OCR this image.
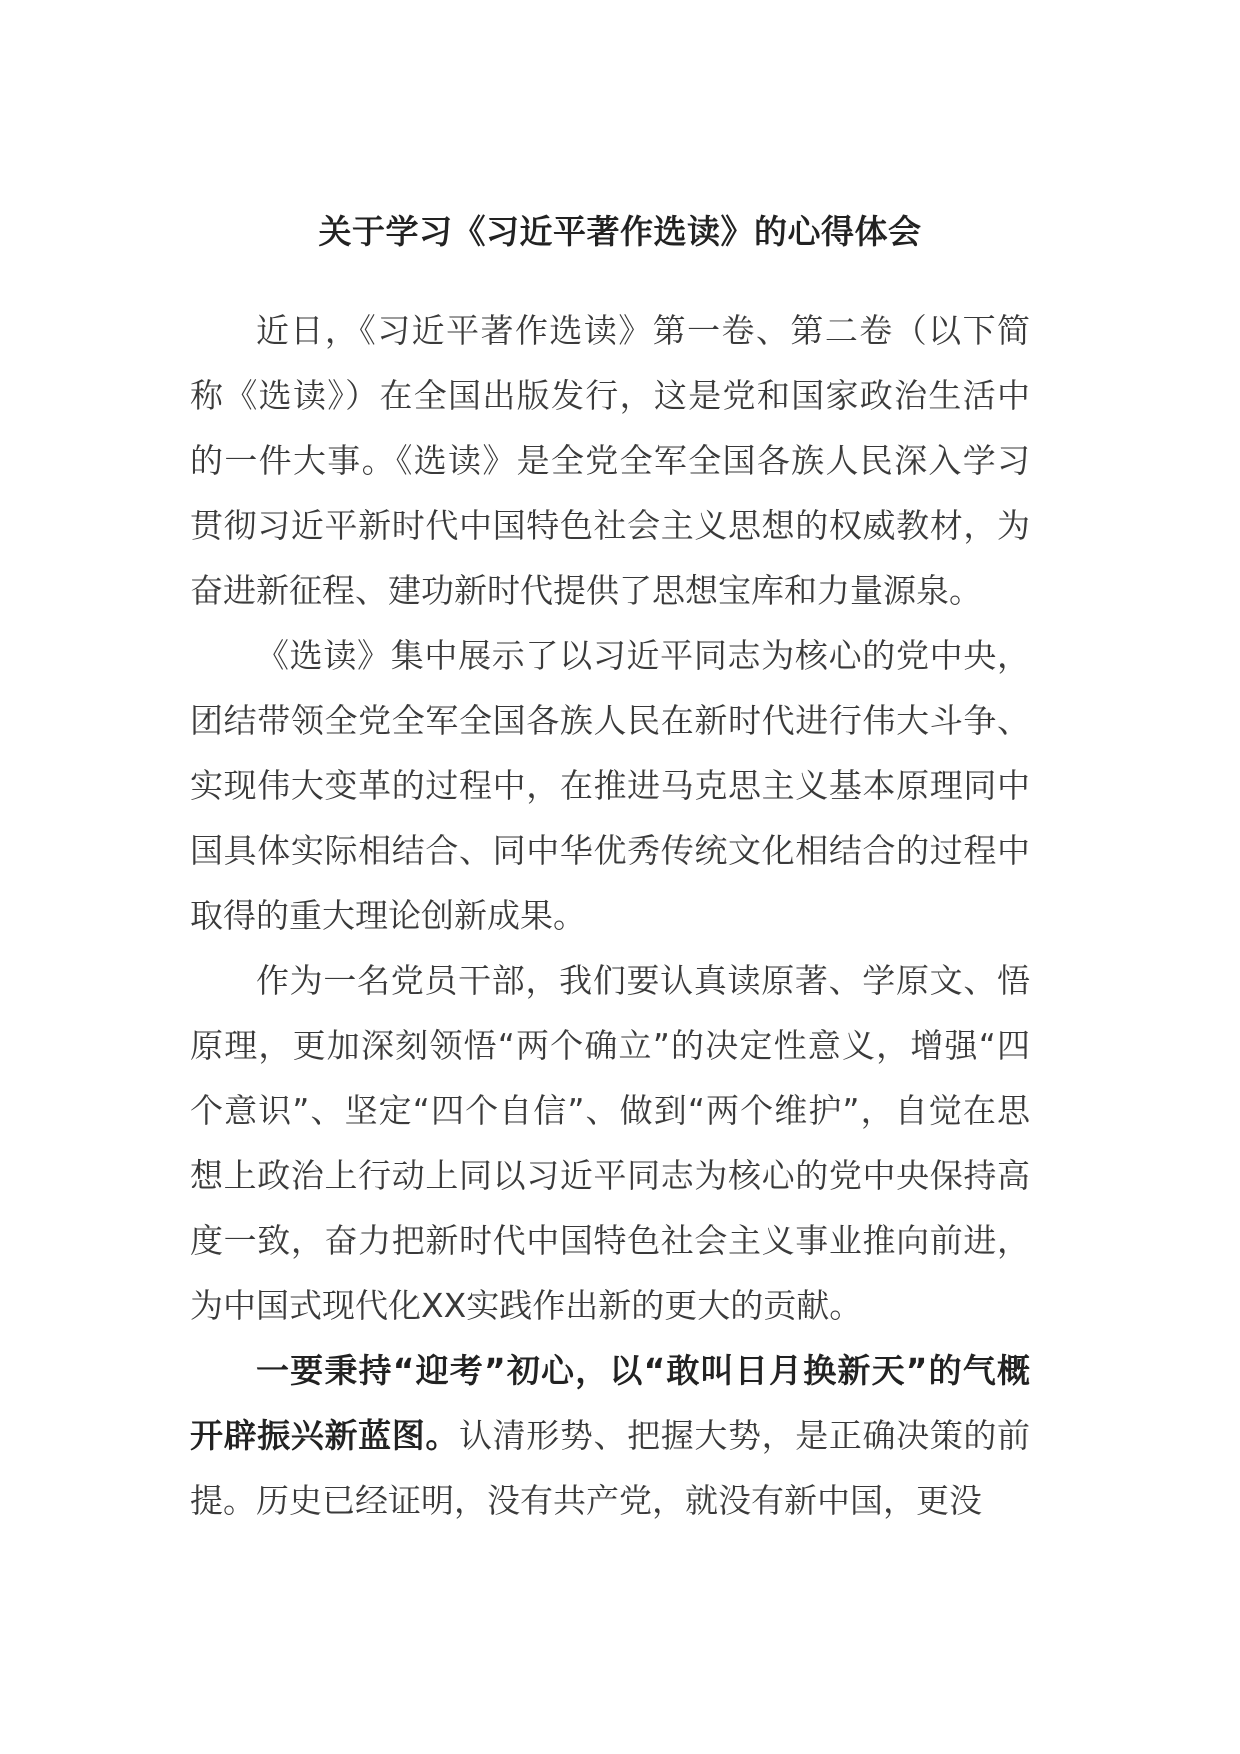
关于学习《习近平著作选读》的心得体会

近日，《习近平著作选读》第一卷、第二卷（以下简称《选读》）在全国出版发行，这是党和国家政治生活中的一件大事。《选读》是全党全军全国各族人民深入学习贯彻习近平新时代中国特色社会主义思想的权威教材，为奋进新征程、建功新时代提供了思想宝库和力量源泉。

《选读》集中展示了以习近平同志为核心的党中央，团结带领全党全军全国各族人民在新时代进行伟大斗争、实现伟大变革的过程中，在推进马克思主义基本原理同中国具体实际相结合、同中华优秀传统文化相结合的过程中取得的重大理论创新成果。

作为一名党员干部，我们要认真读原著、学原文、悟原理，更加深刻领悟“两个确立”的决定性意义，增强“四个意识”、坚定“四个自信”、做到“两个维护”，自觉在思想上政治上行动上同以习近平同志为核心的党中央保持高度一致，奋力把新时代中国特色社会主义事业推向前进，为中国式现代化XX实践作出新的更大的贡献。

一要秉持“迎考”初心，以“敢叫日月换新天”的气概开辟振兴新蓝图。认清形势、把握大势，是正确决策的前提。历史已经证明，没有共产党，就没有新中国，更没
